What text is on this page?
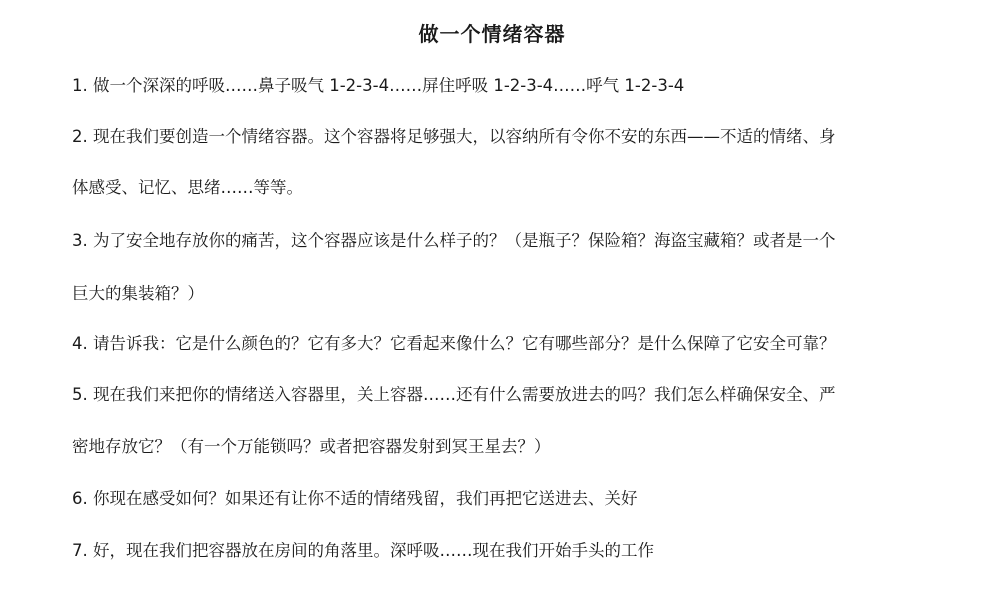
做一个情绪容器

1. 做一个深深的呼吸……鼻子吸气 1-2-3-4……屏住呼吸 1-2-3-4……呼气 1-2-3-4

2. 现在我们要创造一个情绪容器。这个容器将足够强大，以容纳所有令你不安的东西——不适的情绪、身

体感受、记忆、思绪……等等。

3. 为了安全地存放你的痛苦，这个容器应该是什么样子的？（是瓶子？保险箱？海盗宝藏箱？或者是一个

巨大的集装箱？）

4. 请告诉我：它是什么颜色的？它有多大？它看起来像什么？它有哪些部分？是什么保障了它安全可靠？

5. 现在我们来把你的情绪送入容器里，关上容器……还有什么需要放进去的吗？我们怎么样确保安全、严

密地存放它？（有一个万能锁吗？或者把容器发射到冥王星去？）

6. 你现在感受如何？如果还有让你不适的情绪残留，我们再把它送进去、关好

7. 好，现在我们把容器放在房间的角落里。深呼吸……现在我们开始手头的工作
